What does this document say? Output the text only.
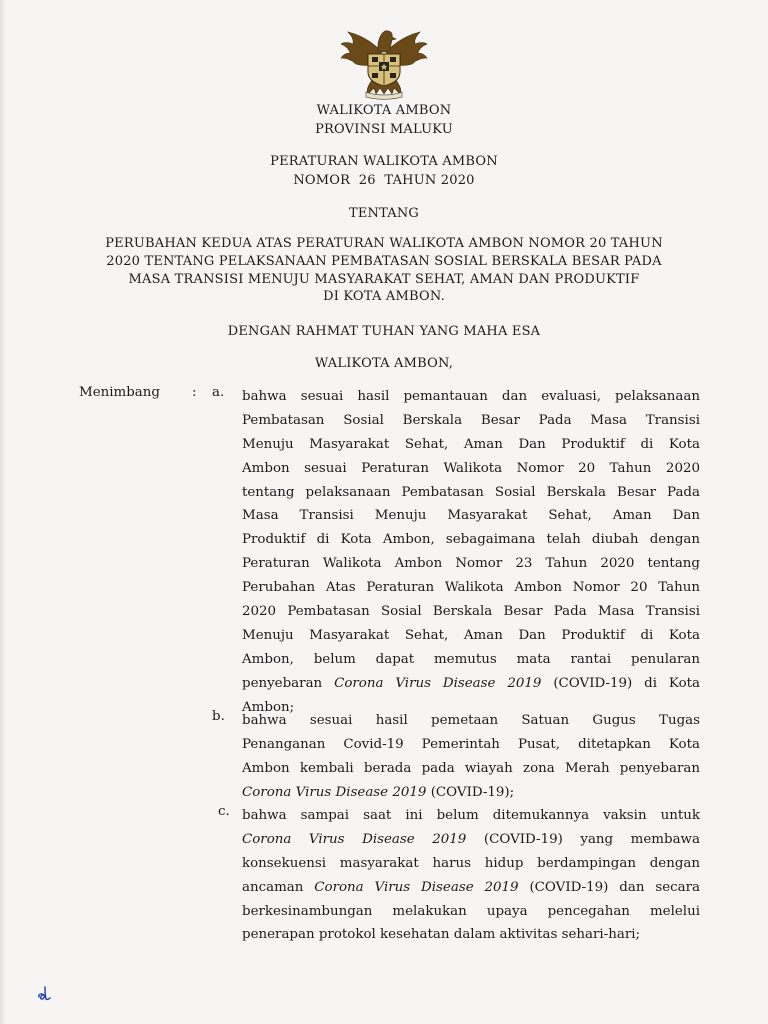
WALIKOTA AMBON

PROVINSI MALUKU

PERATURAN WALIKOTA AMBON

NOMOR  26  TAHUN 2020

TENTANG

PERUBAHAN KEDUA ATAS PERATURAN WALIKOTA AMBON NOMOR 20 TAHUN

2020 TENTANG PELAKSANAAN PEMBATASAN SOSIAL BERSKALA BESAR PADA

MASA TRANSISI MENUJU MASYARAKAT SEHAT, AMAN DAN PRODUKTIF

DI KOTA AMBON.

DENGAN RAHMAT TUHAN YANG MAHA ESA

WALIKOTA AMBON,

Menimbang : a. bahwa sesuai hasil pemantauan dan evaluasi, pelaksanaan
Pembatasan Sosial Berskala Besar Pada Masa Transisi
Menuju Masyarakat Sehat, Aman Dan Produktif di Kota
Ambon sesuai Peraturan Walikota Nomor 20 Tahun 2020
tentang pelaksanaan Pembatasan Sosial Berskala Besar Pada
Masa Transisi Menuju Masyarakat Sehat, Aman Dan
Produktif di Kota Ambon, sebagaimana telah diubah dengan
Peraturan Walikota Ambon Nomor 23 Tahun 2020 tentang
Perubahan Atas Peraturan Walikota Ambon Nomor 20 Tahun
2020 Pembatasan Sosial Berskala Besar Pada Masa Transisi
Menuju Masyarakat Sehat, Aman Dan Produktif di Kota
Ambon, belum dapat memutus mata rantai penularan
penyebaran Corona Virus Disease 2019 (COVID-19) di Kota
Ambon;
b. bahwa sesuai hasil pemetaan Satuan Gugus Tugas
Penanganan Covid-19 Pemerintah Pusat, ditetapkan Kota
Ambon kembali berada pada wiayah zona Merah penyebaran
Corona Virus Disease 2019 (COVID-19);
c. bahwa sampai saat ini belum ditemukannya vaksin untuk
Corona Virus Disease 2019 (COVID-19) yang membawa
konsekuensi masyarakat harus hidup berdampingan dengan
ancaman Corona Virus Disease 2019 (COVID-19) dan secara
berkesinambungan melakukan upaya pencegahan melelui
penerapan protokol kesehatan dalam aktivitas sehari-hari;
